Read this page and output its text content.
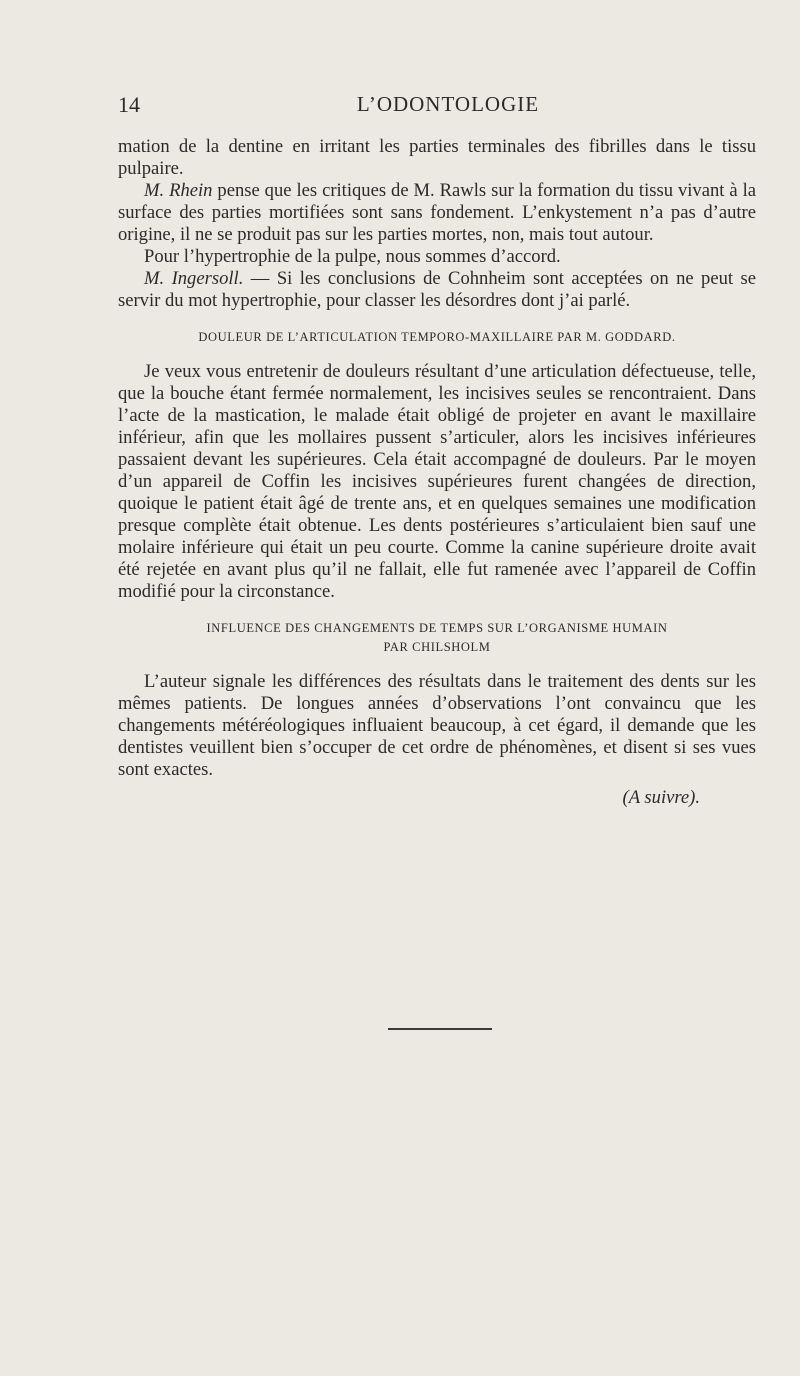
14	L’ODONTOLOGIE

mation de la dentine en irritant les parties terminales des fibrilles dans le tissu pulpaire.

M. Rhein pense que les critiques de M. Rawls sur la formation du tissu vivant à la surface des parties mortifiées sont sans fondement. L’enkystement n’a pas d’autre origine, il ne se produit pas sur les parties mortes, non, mais tout autour.

Pour l’hypertrophie de la pulpe, nous sommes d’accord.

M. Ingersoll. — Si les conclusions de Cohnheim sont acceptées on ne peut se servir du mot hypertrophie, pour classer les désordres dont j’ai parlé.

DOULEUR DE L’ARTICULATION TEMPORO-MAXILLAIRE PAR M. GODDARD.

Je veux vous entretenir de douleurs résultant d’une articulation défectueuse, telle, que la bouche étant fermée normalement, les incisives seules se rencontraient. Dans l’acte de la mastication, le malade était obligé de projeter en avant le maxillaire inférieur, afin que les mollaires pussent s’articuler, alors les incisives inférieures passaient devant les supérieures. Cela était accompagné de douleurs. Par le moyen d’un appareil de Coffin les incisives supérieures furent changées de direction, quoique le patient était âgé de trente ans, et en quelques semaines une modification presque complète était obtenue. Les dents postérieures s’articulaient bien sauf une molaire inférieure qui était un peu courte. Comme la canine supérieure droite avait été rejetée en avant plus qu’il ne fallait, elle fut ramenée avec l’appareil de Coffin modifié pour la circonstance.

INFLUENCE DES CHANGEMENTS DE TEMPS SUR L’ORGANISME HUMAIN
PAR CHILSHOLM

L’auteur signale les différences des résultats dans le traitement des dents sur les mêmes patients. De longues années d’observations l’ont convaincu que les changements météréologiques influaient beaucoup, à cet égard, il demande que les dentistes veuillent bien s’occuper de cet ordre de phénomènes, et disent si ses vues sont exactes.

(A suivre).
